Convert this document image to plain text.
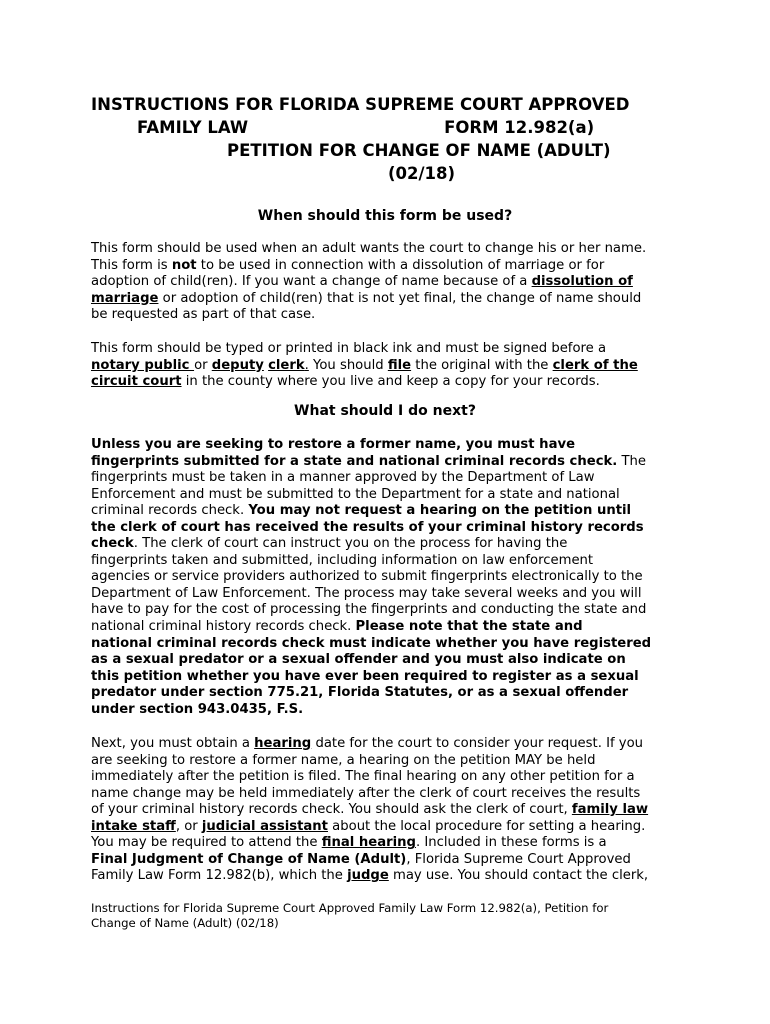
INSTRUCTIONS FOR FLORIDA SUPREME COURT APPROVED
FAMILY LAW	FORM 12.982(a)
PETITION FOR CHANGE OF NAME (ADULT)
(02/18)
When should this form be used?
This form should be used when an adult wants the court to change his or her name.
This form is not to be used in connection with a dissolution of marriage or for
adoption of child(ren). If you want a change of name because of a dissolution of
marriage or adoption of child(ren) that is not yet final, the change of name should
be requested as part of that case.
This form should be typed or printed in black ink and must be signed before a
notary public or deputy clerk. You should file the original with the clerk of the
circuit court in the county where you live and keep a copy for your records.
What should I do next?
Unless you are seeking to restore a former name, you must have
fingerprints submitted for a state and national criminal records check. The
fingerprints must be taken in a manner approved by the Department of Law
Enforcement and must be submitted to the Department for a state and national
criminal records check. You may not request a hearing on the petition until
the clerk of court has received the results of your criminal history records
check. The clerk of court can instruct you on the process for having the
fingerprints taken and submitted, including information on law enforcement
agencies or service providers authorized to submit fingerprints electronically to the
Department of Law Enforcement. The process may take several weeks and you will
have to pay for the cost of processing the fingerprints and conducting the state and
national criminal history records check. Please note that the state and
national criminal records check must indicate whether you have registered
as a sexual predator or a sexual offender and you must also indicate on
this petition whether you have ever been required to register as a sexual
predator under section 775.21, Florida Statutes, or as a sexual offender
under section 943.0435, F.S.
Next, you must obtain a hearing date for the court to consider your request. If you
are seeking to restore a former name, a hearing on the petition MAY be held
immediately after the petition is filed. The final hearing on any other petition for a
name change may be held immediately after the clerk of court receives the results
of your criminal history records check. You should ask the clerk of court, family law
intake staff, or judicial assistant about the local procedure for setting a hearing.
You may be required to attend the final hearing. Included in these forms is a
Final Judgment of Change of Name (Adult), Florida Supreme Court Approved
Family Law Form 12.982(b), which the judge may use. You should contact the clerk,
Instructions for Florida Supreme Court Approved Family Law Form 12.982(a), Petition for
Change of Name (Adult) (02/18)
